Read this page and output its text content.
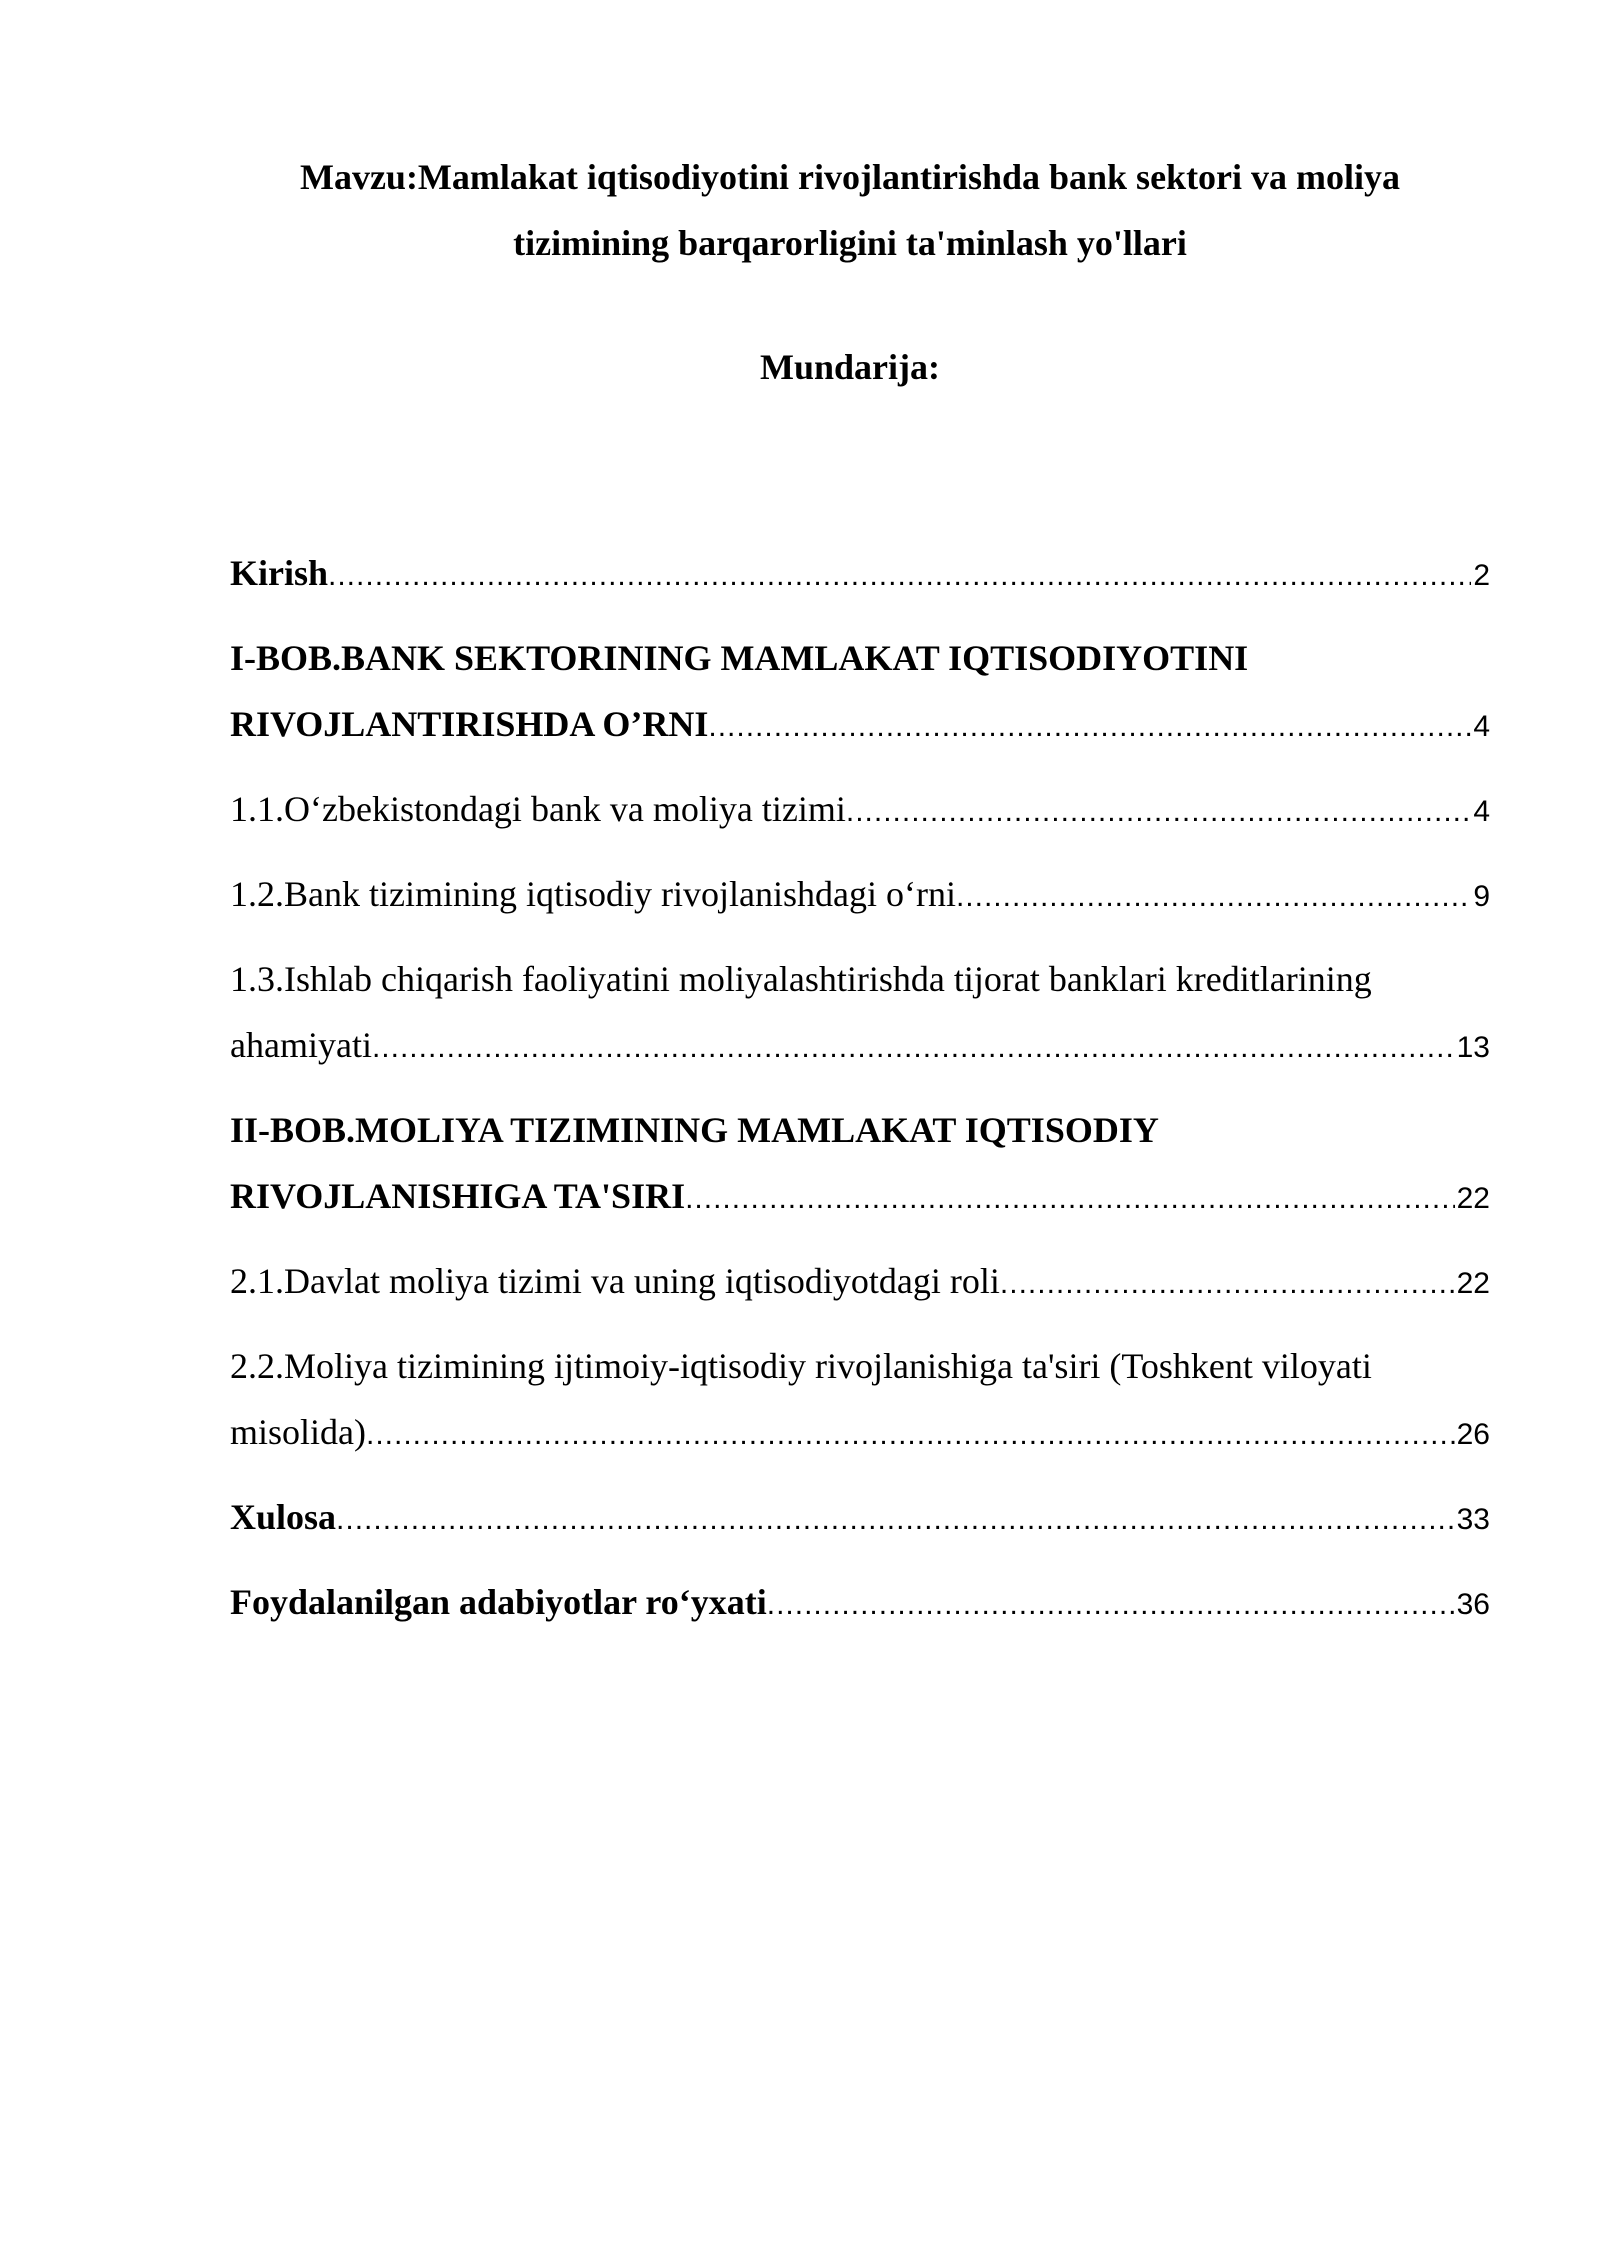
Mavzu:Mamlakat iqtisodiyotini rivojlantirishda bank sektori va moliya
tizimining barqarorligini ta'minlash yo'llari
Mundarija:
Kirish .....	2
I-BOB.BANK SEKTORINING MAMLAKAT IQTISODIYOTINI
RIVOJLANTIRISHDA O’RNI .....	4
1.1.O‘zbekistondagi bank va moliya tizimi .....	4
1.2.Bank tizimining iqtisodiy rivojlanishdagi o‘rni .....	9
1.3.Ishlab chiqarish faoliyatini moliyalashtirishda tijorat banklari kreditlarining
ahamiyati .....	13
II-BOB.MOLIYA TIZIMINING MAMLAKAT IQTISODIY
RIVOJLANISHIGA TA'SIRI .....	22
2.1.Davlat moliya tizimi va uning iqtisodiyotdagi roli .....	22
2.2.Moliya tizimining ijtimoiy-iqtisodiy rivojlanishiga ta'siri (Toshkent viloyati
misolida) .....	26
Xulosa .....	33
Foydalanilgan adabiyotlar ro‘yxati .....	36
